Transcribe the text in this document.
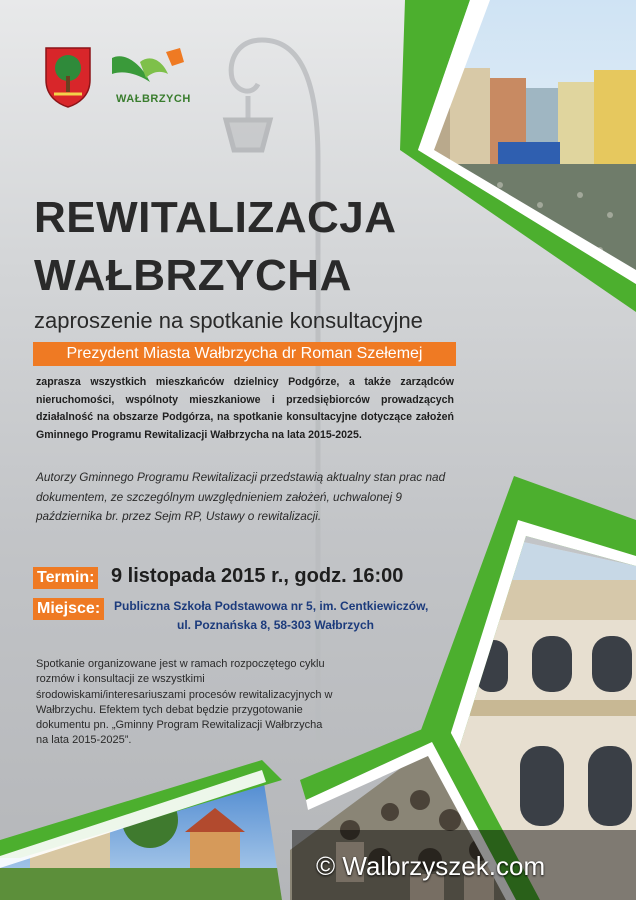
WAŁBRZYCH
REWITALIZACJA
WAŁBRZYCHA

zaproszenie na spotkanie konsultacyjne

Prezydent Miasta Wałbrzycha dr Roman Szełemej

zaprasza wszystkich mieszkańców dzielnicy Podgórze, a także zarządców nieruchomości, wspólnoty mieszkaniowe i przedsiębiorców prowadzących działalność na obszarze Podgórza, na spotkanie konsultacyjne dotyczące założeń Gminnego Programu Rewitalizacji Wałbrzycha na lata 2015-2025.

Autorzy Gminnego Programu Rewitalizacji przedstawią aktualny stan prac nad dokumentem, ze szczególnym uwzględnieniem założeń, uchwalonej 9 października br. przez Sejm RP, Ustawy o rewitalizacji.

Termin: 9 listopada 2015 r., godz. 16:00
Miejsce:	Publiczna Szkoła Podstawowa nr 5, im. Centkiewiczów,
ul. Poznańska 8, 58-303 Wałbrzych

Spotkanie organizowane jest w ramach rozpoczętego cyklu rozmów i konsultacji ze wszystkimi środowiskami/interesariuszami procesów rewitalizacyjnych w Wałbrzychu. Efektem tych debat będzie przygotowanie dokumentu pn. „Gminny Program Rewitalizacji Wałbrzycha na lata 2015-2025”.

© Walbrzyszek.com
